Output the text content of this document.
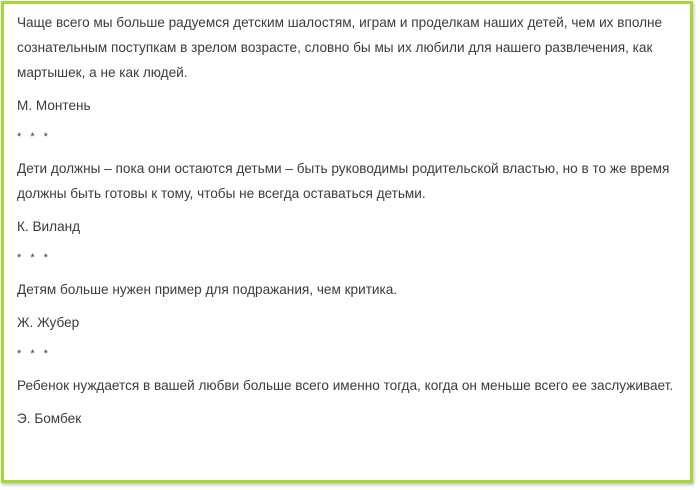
Чаще всего мы больше радуемся детским шалостям, играм и проделкам наших детей, чем их вполне сознательным поступкам в зрелом возрасте, словно бы мы их любили для нашего развлечения, как мартышек, а не как людей.

М. Монтень

* * *

Дети должны – пока они остаются детьми – быть руководимы родительской властью, но в то же время должны быть готовы к тому, чтобы не всегда оставаться детьми.

К. Виланд

* * *

Детям больше нужен пример для подражания, чем критика.

Ж. Жубер

* * *

Ребенок нуждается в вашей любви больше всего именно тогда, когда он меньше всего ее заслуживает.

Э. Бомбек
